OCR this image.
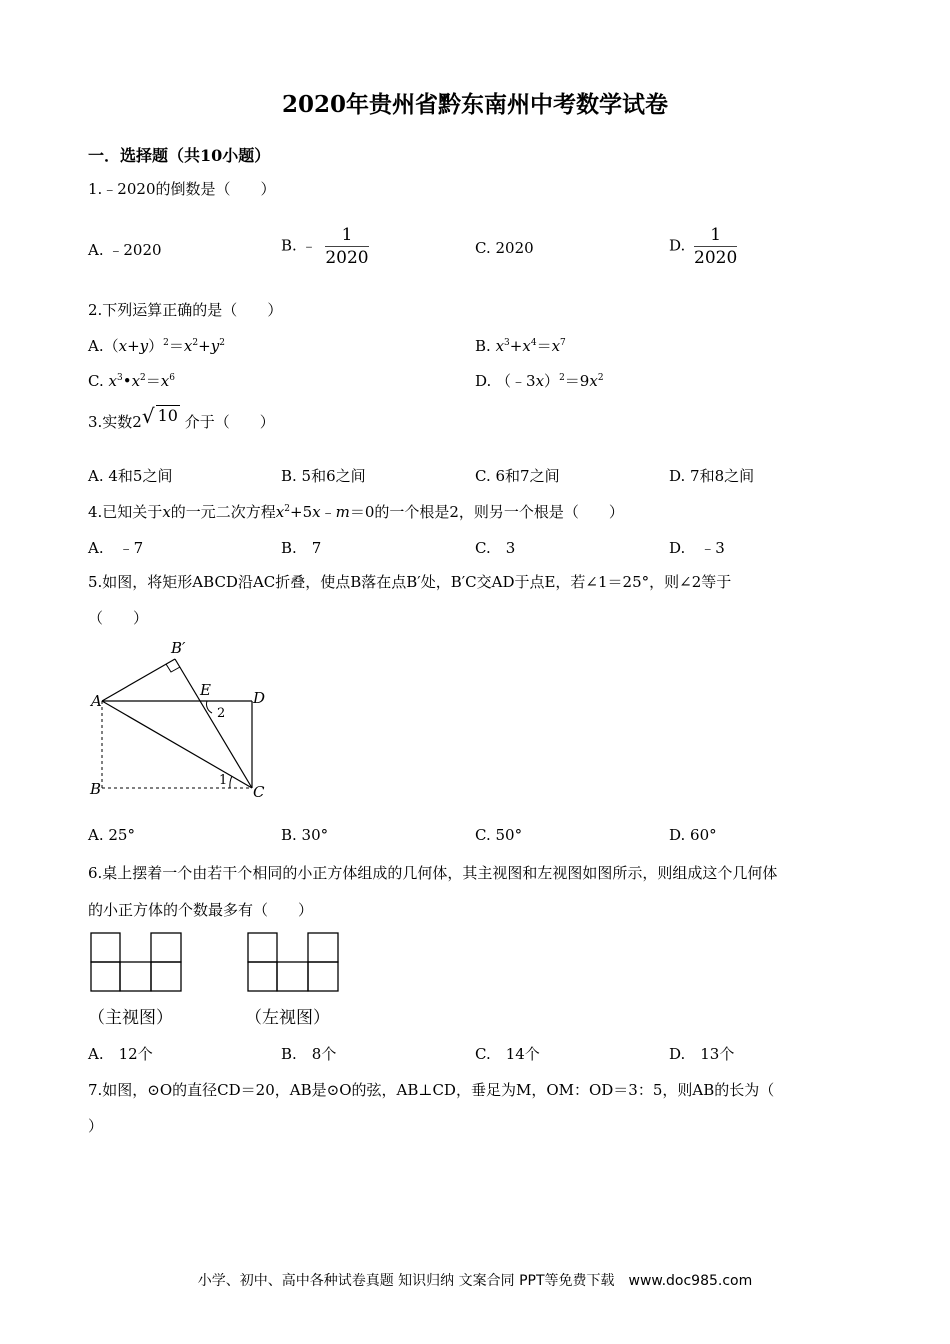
2020年贵州省黔东南州中考数学试卷
一．选择题（共10小题）
1.﹣2020的倒数是（　　）
A. ﹣2020	B. ﹣ $\frac{1}{2020}$	C. 2020	D. $\frac{1}{2020}$
2.下列运算正确的是（　　）
$A.(x+y)^2=x^2+y^2$	B. $x^3+x^4=x^7$
C. $x^3•x^2=x^6$	D. $(﹣3x)^2=9x^2$
3.实数2√ 10 介于（　　）
A. 4和5之间	B. 5和6之间	C. 6和7之间	D. 7和8之间
4.已知关于x的一元二次方程$x^2+5x﹣m=0$的一个根是2，则另一个根是（　　）
A.　﹣7	B.　7	C.　3	D.　﹣3
5.如图，将矩形ABCD沿AC折叠，使点B落在点B′处，B′C交AD于点E，若∠1＝25°，则∠2等于
（　　）
A
B	C
D
E
B′
1
2
A. 25°	B. 30°	C. 50°	D. 60°
6.桌上摆着一个由若干个相同的小正方体组成的几何体，其主视图和左视图如图所示，则组成这个几何体
的小正方体的个数最多有（　　）
（主视图）	（左视图）
A.　12个	B.　8个	C.　14个	D.　13个
7.如图，⊙O的直径CD＝20，AB是⊙O的弦，AB⊥CD，垂足为M，OM：OD＝3：5，则AB的长为（
）
小学、初中、高中各种试卷真题 知识归纳 文案合同 PPT等免费下载　www.doc985.com
